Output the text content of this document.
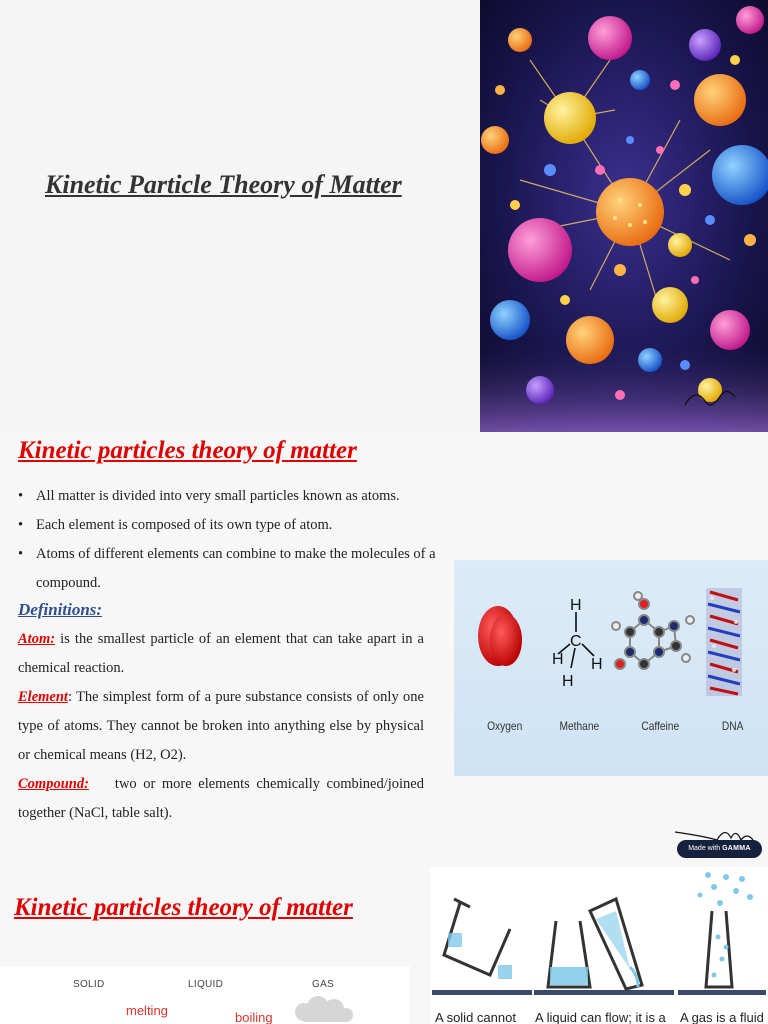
Kinetic Particle Theory of Matter
Kinetic particles theory of matter
• All matter is divided into very small particles known as atoms.
• Each element is composed of its own type of atom.
• Atoms of different elements can combine to make the molecules of a compound.
Definitions:
Atom: is the smallest particle of an element that can take apart in a chemical reaction.
Element: The simplest form of a pure substance consists of only one type of atoms. They cannot be broken into anything else by physical or chemical means (H2, O2).
Compound: two or more elements chemically combined/joined together (NaCl, table salt).
H
C
H H
H
Oxygen	Methane	Caffeine	DNA
Made with GAMMA
Kinetic particles theory of matter
SOLID	LIQUID	GAS
melting	boiling	A solid cannot A liquid can flow; it is a A gas is a fluid
